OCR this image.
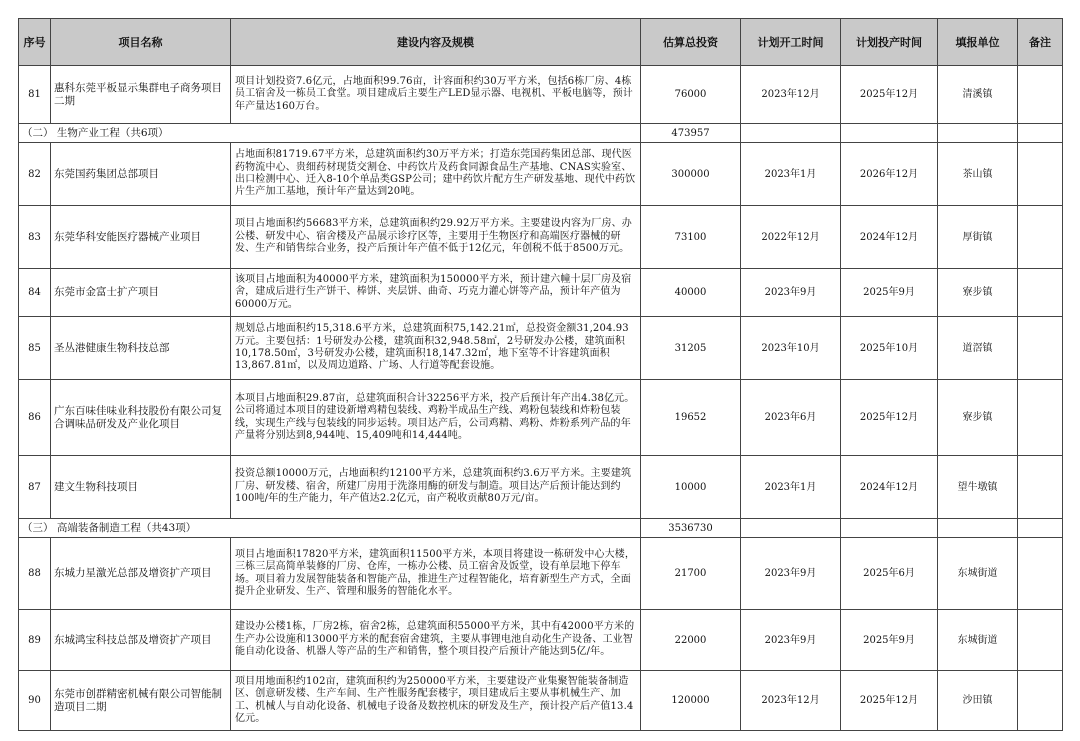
序号	项目名称	建设内容及规模	估算总投资	计划开工时间	计划投产时间	填报单位	备注
81	惠科东莞平板显示集群电子商务项目二期	项目计划投资7.6亿元，占地面积99.76亩，计容面积约30万平方米，包括6栋厂房、4栋员工宿舍及一栋员工食堂。项目建成后主要生产LED显示器、电视机、平板电脑等，预计年产量达160万台。	76000	2023年12月	2025年12月	清溪镇	
（二） 生物产业工程（共6项）			473957				
82	东莞国药集团总部项目	占地面积81719.67平方米，总建筑面积约30万平方米；打造东莞国药集团总部、现代医药物流中心、贵细药材现货交割仓、中药饮片及药食同源食品生产基地、CNAS实验室、出口检测中心、迁入8-10个单品类GSP公司；建中药饮片配方生产研发基地、现代中药饮片生产加工基地，预计年产量达到20吨。	300000	2023年1月	2026年12月	茶山镇	
83	东莞华科安能医疗器械产业项目	项目占地面积约56683平方米，总建筑面积约29.92万平方米。主要建设内容为厂房、办公楼、研发中心、宿舍楼及产品展示诊疗区等，主要用于生物医疗和高端医疗器械的研发、生产和销售综合业务，投产后预计年产值不低于12亿元，年创税不低于8500万元。	73100	2022年12月	2024年12月	厚街镇	
84	东莞市金富士扩产项目	该项目占地面积为40000平方米，建筑面积为150000平方米，预计建六幢十层厂房及宿舍，建成后进行生产饼干、棒饼、夹层饼、曲奇、巧克力灌心饼等产品，预计年产值为60000万元。	40000	2023年9月	2025年9月	寮步镇	
85	圣丛港健康生物科技总部	规划总占地面积约15,318.6平方米，总建筑面积75,142.21㎡，总投资金额31,204.93万元。主要包括：1号研发办公楼，建筑面积32,948.58㎡，2号研发办公楼，建筑面积10,178.50㎡，3号研发办公楼，建筑面积18,147.32㎡，地下室等不计容建筑面积13,867.81㎡，以及周边道路、广场、人行道等配套设施。	31205	2023年10月	2025年10月	道滘镇	
86	广东百味佳味业科技股份有限公司复合调味品研发及产业化项目	本项目占地面积29.87亩，总建筑面积合计32256平方米，投产后预计年产出4.38亿元。公司将通过本项目的建设新增鸡精包装线、鸡粉半成品生产线、鸡粉包装线和炸粉包装线，实现生产线与包装线的同步运转。项目达产后，公司鸡精、鸡粉、炸粉系列产品的年产量将分别达到8,944吨、15,409吨和14,444吨。	19652	2023年6月	2025年12月	寮步镇	
87	建文生物科技项目	投资总额10000万元，占地面积约12100平方米，总建筑面积约3.6万平方米。主要建筑厂房、研发楼、宿舍，所建厂房用于洗涤用酶的研发与制造。项目达产后预计能达到约100吨/年的生产能力，年产值达2.2亿元，亩产税收贡献80万元/亩。	10000	2023年1月	2024年12月	望牛墩镇	
（三） 高端装备制造工程（共43项）			3536730				
88	东城力星激光总部及增资扩产项目	项目占地面积17820平方米，建筑面积11500平方米，本项目将建设一栋研发中心大楼，三栋三层高简单装修的厂房、仓库，一栋办公楼、员工宿舍及饭堂，设有单层地下停车场。项目着力发展智能装备和智能产品，推进生产过程智能化，培育新型生产方式，全面提升企业研发、生产、管理和服务的智能化水平。	21700	2023年9月	2025年6月	东城街道	
89	东城鸿宝科技总部及增资扩产项目	建设办公楼1栋，厂房2栋，宿舍2栋，总建筑面积55000平方米，其中有42000平方米的生产办公设施和13000平方米的配套宿舍建筑，主要从事锂电池自动化生产设备、工业智能自动化设备、机器人等产品的生产和销售，整个项目投产后预计产能达到5亿/年。	22000	2023年9月	2025年9月	东城街道	
90	东莞市创群精密机械有限公司智能制造项目二期	项目用地面积约102亩，建筑面积约为250000平方米，主要建设产业集聚智能装备制造区、创意研发楼、生产车间、生产性服务配套楼宇，项目建成后主要从事机械生产、加工、机械人与自动化设备、机械电子设备及数控机床的研发及生产，预计投产后产值13.4亿元。	120000	2023年12月	2025年12月	沙田镇	
